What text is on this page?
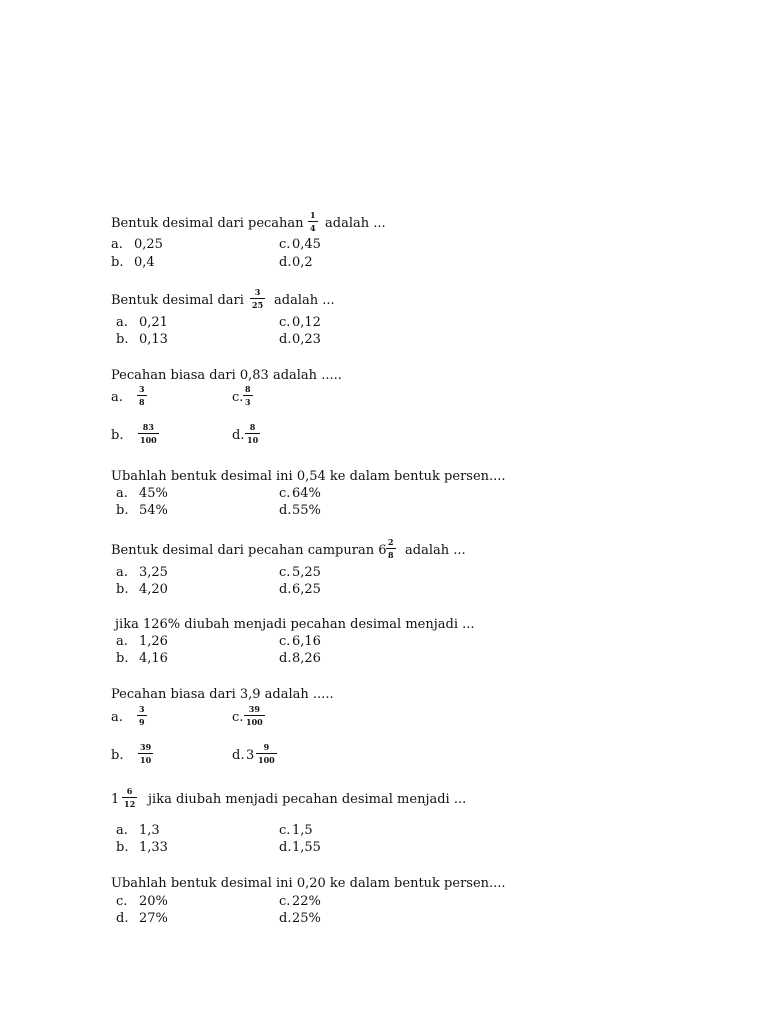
Bentuk desimal dari pecahan $\frac{1}{4}$ adalah ...
a. 0,25
b. 0,4
c. 0,45
d. 0,2
Bentuk desimal dari $\frac{3}{25}$ adalah ...
a. 0,21
b. 0,13
c. 0,12
d. 0,23
Pecahan biasa dari 0,83 adalah .....
a. $\frac{3}{8}$
b. $\frac{83}{100}$
c. $\frac{8}{3}$
d. $\frac{8}{10}$
Ubahlah bentuk desimal ini 0,54 ke dalam bentuk persen....
a. 45%
b. 54%
c. 64%
d. 55%
Bentuk desimal dari pecahan campuran $6 \frac{2}{8}$ adalah ...
a. 3,25
b. 4,20
c. 5,25
d. 6,25
jika 126% diubah menjadi pecahan desimal menjadi ...
a. 1,26
b. 4,16
c. 6,16
d. 8,26
Pecahan biasa dari 3,9 adalah .....
a. $\frac{3}{9}$
b. $\frac{39}{10}$
c. $\frac{39}{100}$
d. $3 \frac{9}{100}$
$1 \frac{6}{12}$ jika diubah menjadi pecahan desimal menjadi ...
a. 1,3
b. 1,33
c. 1,5
d. 1,55
Ubahlah bentuk desimal ini 0,20 ke dalam bentuk persen....
c. 20%
d. 27%
c. 22%
d. 25%
